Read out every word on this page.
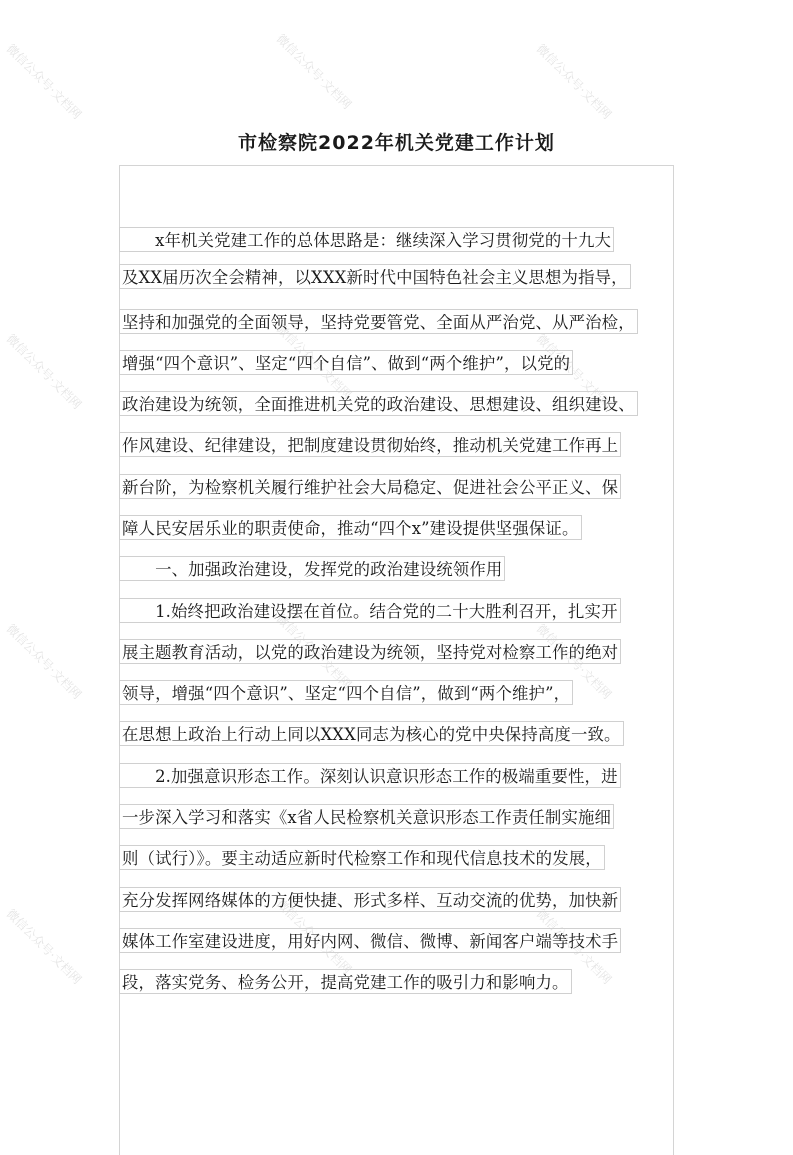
微信公众号·文档网	微信公众号·文档网	微信公众号·文档网
微信公众号·文档网	微信公众号·文档网	微信公众号·文档网
微信公众号·文档网	微信公众号·文档网	微信公众号·文档网
微信公众号·文档网	微信公众号·文档网	微信公众号·文档网
市检察院2022年机关党建工作计划
　　x年机关党建工作的总体思路是：继续深入学习贯彻党的十九大
及XX届历次全会精神，以XXX新时代中国特色社会主义思想为指导，
坚持和加强党的全面领导，坚持党要管党、全面从严治党、从严治检，
增强“四个意识”、坚定“四个自信”、做到“两个维护”，以党的
政治建设为统领，全面推进机关党的政治建设、思想建设、组织建设、
作风建设、纪律建设，把制度建设贯彻始终，推动机关党建工作再上
新台阶，为检察机关履行维护社会大局稳定、促进社会公平正义、保
障人民安居乐业的职责使命，推动“四个x”建设提供坚强保证。
　　一、加强政治建设，发挥党的政治建设统领作用
　　1.始终把政治建设摆在首位。结合党的二十大胜利召开，扎实开
展主题教育活动，以党的政治建设为统领，坚持党对检察工作的绝对
领导，增强“四个意识”、坚定“四个自信”，做到“两个维护”，
在思想上政治上行动上同以XXX同志为核心的党中央保持高度一致。
　　2.加强意识形态工作。深刻认识意识形态工作的极端重要性，进
一步深入学习和落实《x省人民检察机关意识形态工作责任制实施细
则（试行）》。要主动适应新时代检察工作和现代信息技术的发展，
充分发挥网络媒体的方便快捷、形式多样、互动交流的优势，加快新
媒体工作室建设进度，用好内网、微信、微博、新闻客户端等技术手
段，落实党务、检务公开，提高党建工作的吸引力和影响力。
